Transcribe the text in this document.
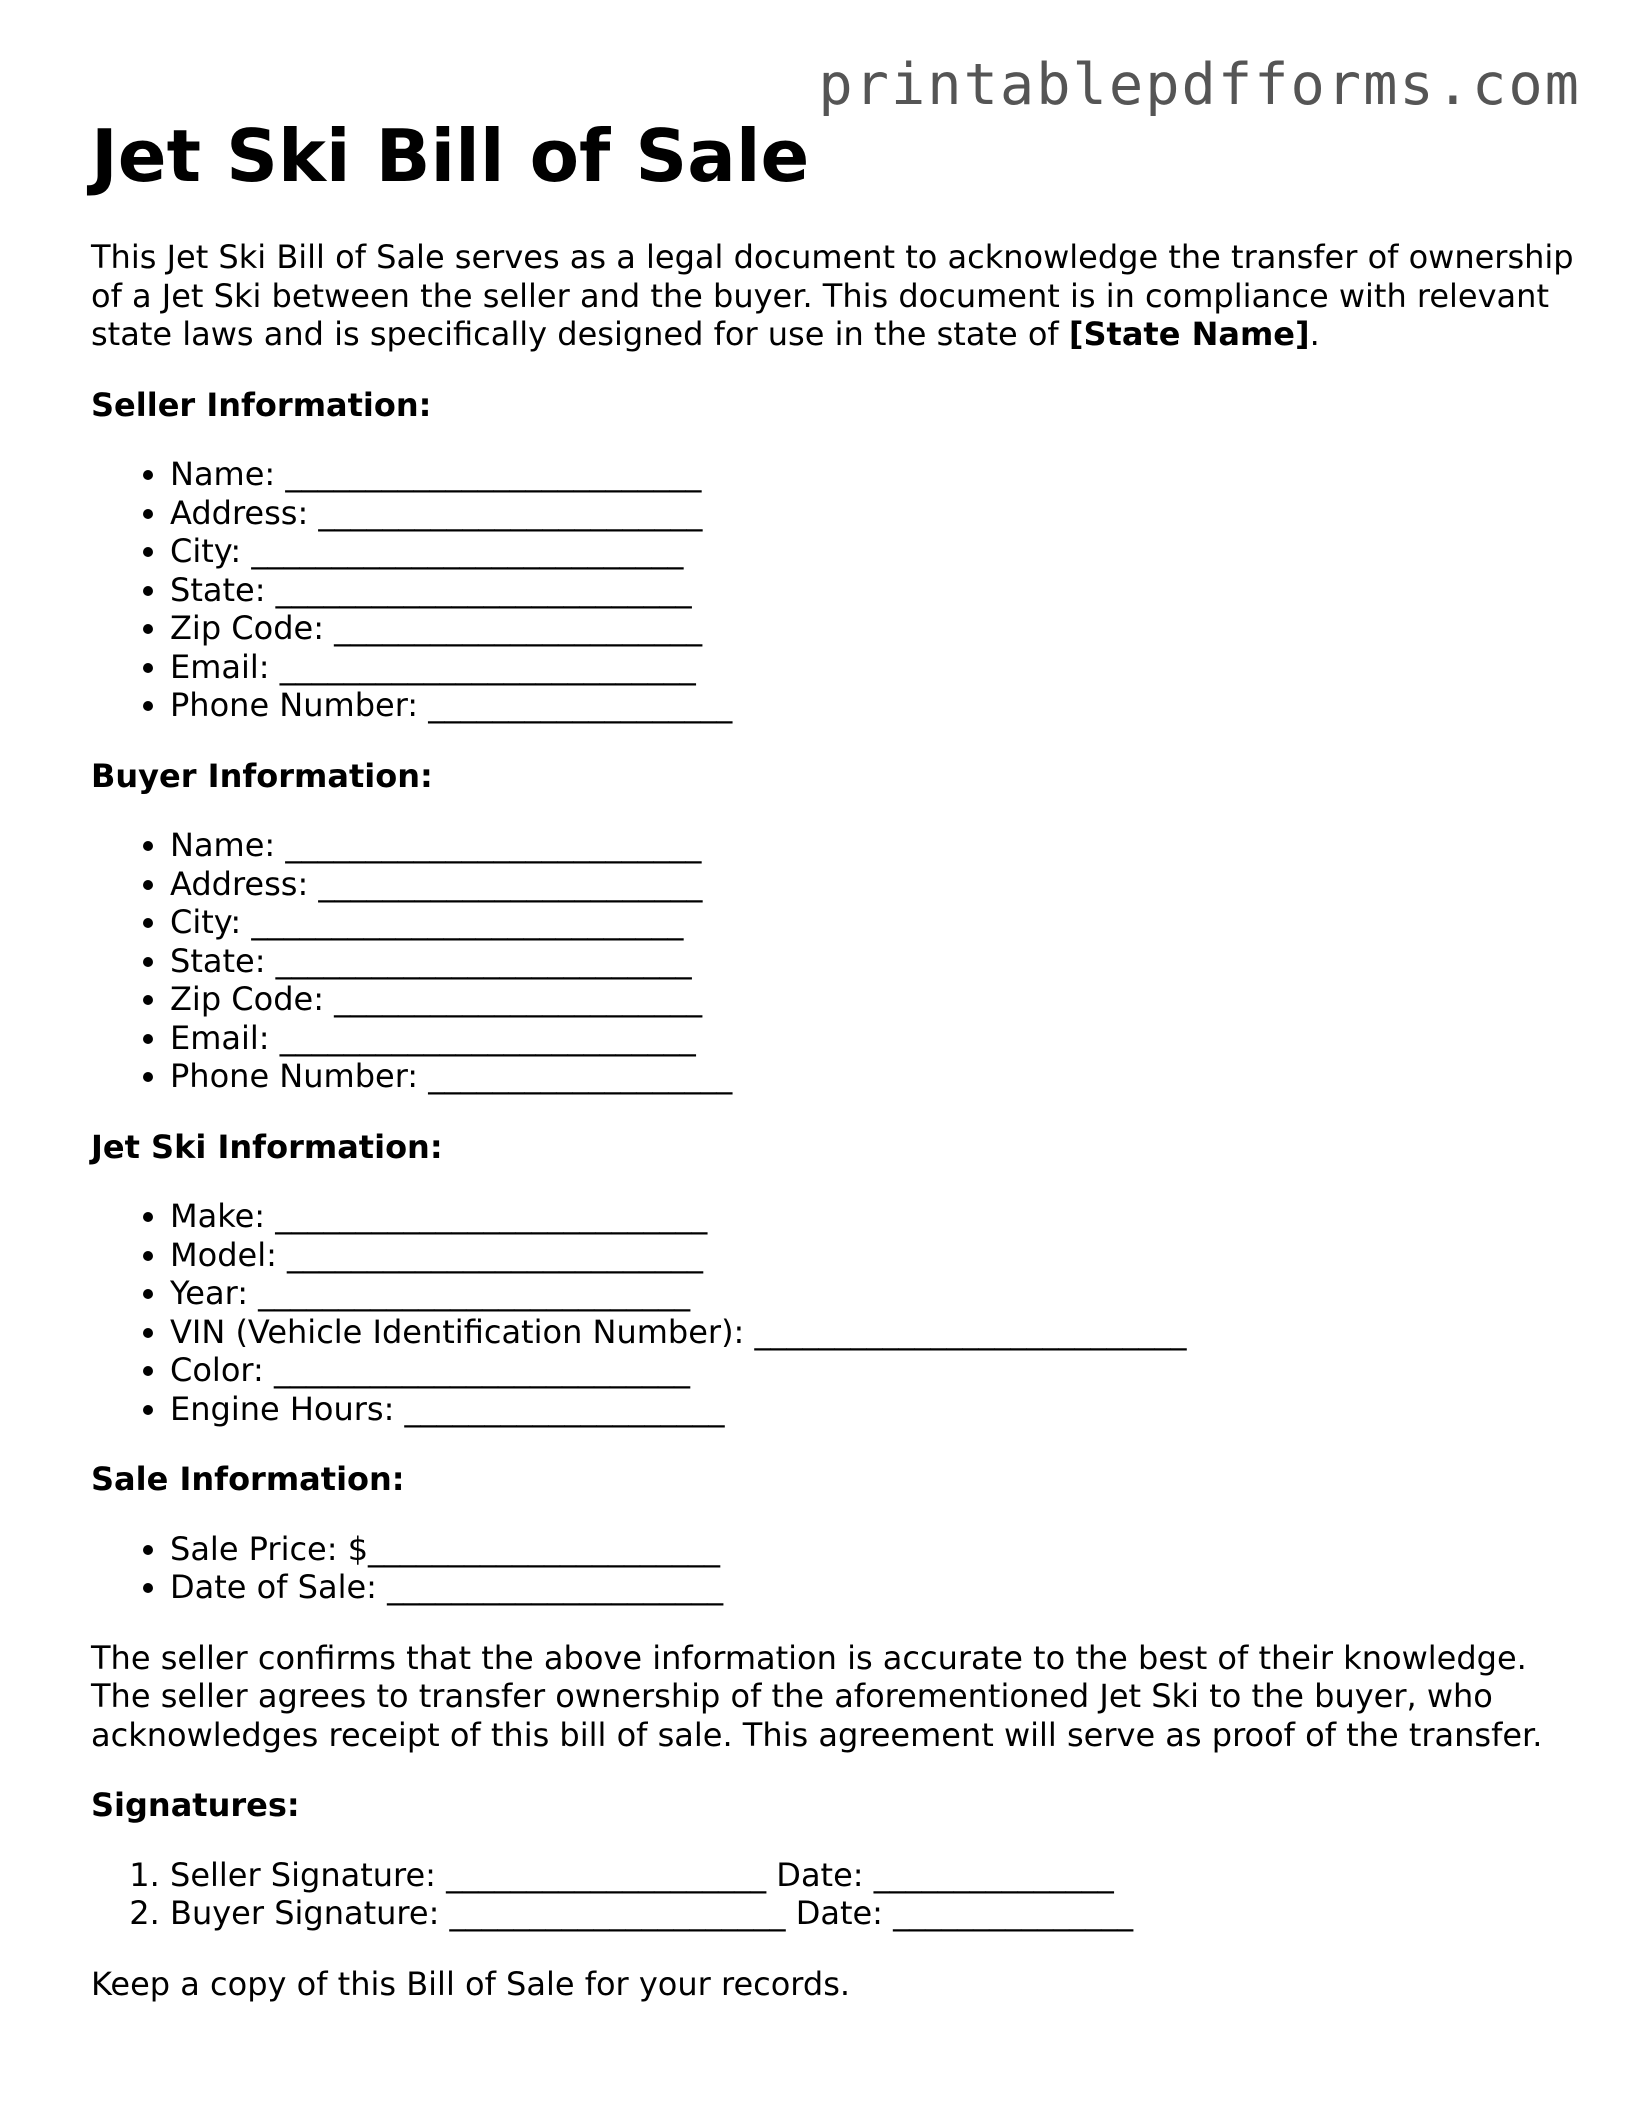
printablepdfforms.com
Jet Ski Bill of Sale

This Jet Ski Bill of Sale serves as a legal document to acknowledge the transfer of ownership of a Jet Ski between the seller and the buyer. This document is in compliance with relevant state laws and is specifically designed for use in the state of [State Name].

Seller Information:

• Name: __________________________
• Address: ________________________
• City: ___________________________
• State: __________________________
• Zip Code: _______________________
• Email: __________________________
• Phone Number: ___________________

Buyer Information:

• Name: __________________________
• Address: ________________________
• City: ___________________________
• State: __________________________
• Zip Code: _______________________
• Email: __________________________
• Phone Number: ___________________

Jet Ski Information:

• Make: ___________________________
• Model: __________________________
• Year: ___________________________
• VIN (Vehicle Identification Number): ___________________________
• Color: __________________________
• Engine Hours: ____________________

Sale Information:

• Sale Price: $______________________
• Date of Sale: _____________________

The seller confirms that the above information is accurate to the best of their knowledge. The seller agrees to transfer ownership of the aforementioned Jet Ski to the buyer, who acknowledges receipt of this bill of sale. This agreement will serve as proof of the transfer.

Signatures:

1. Seller Signature: ____________________ Date: _______________
2. Buyer Signature: _____________________ Date: _______________

Keep a copy of this Bill of Sale for your records.
